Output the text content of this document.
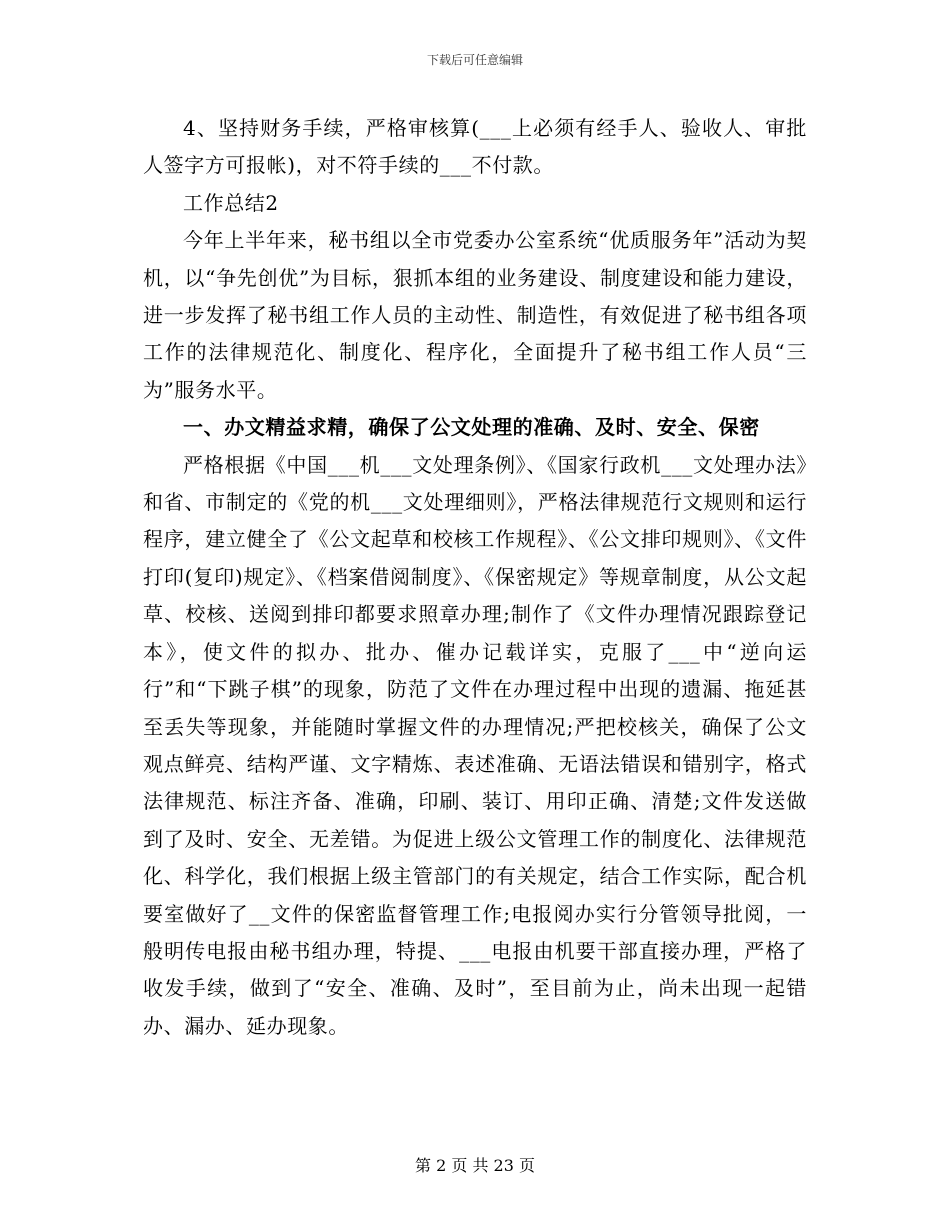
下载后可任意编辑

4、坚持财务手续，严格审核算(___上必须有经手人、验收人、审批人签字方可报帐)，对不符手续的___不付款。

工作总结2

今年上半年来，秘书组以全市党委办公室系统“优质服务年”活动为契机，以“争先创优”为目标，狠抓本组的业务建设、制度建设和能力建设，进一步发挥了秘书组工作人员的主动性、制造性，有效促进了秘书组各项工作的法律规范化、制度化、程序化，全面提升了秘书组工作人员“三为”服务水平。

一、办文精益求精，确保了公文处理的准确、及时、安全、保密

严格根据《中国___机___文处理条例》、《国家行政机___文处理办法》和省、市制定的《党的机___文处理细则》，严格法律规范行文规则和运行程序，建立健全了《公文起草和校核工作规程》、《公文排印规则》、《文件打印(复印)规定》、《档案借阅制度》、《保密规定》等规章制度，从公文起草、校核、送阅到排印都要求照章办理;制作了《文件办理情况跟踪登记本》，使文件的拟办、批办、催办记载详实，克服了___中“逆向运行”和“下跳子棋”的现象，防范了文件在办理过程中出现的遗漏、拖延甚至丢失等现象，并能随时掌握文件的办理情况;严把校核关，确保了公文观点鲜亮、结构严谨、文字精炼、表述准确、无语法错误和错别字，格式法律规范、标注齐备、准确，印刷、装订、用印正确、清楚;文件发送做到了及时、安全、无差错。为促进上级公文管理工作的制度化、法律规范化、科学化，我们根据上级主管部门的有关规定，结合工作实际，配合机要室做好了__文件的保密监督管理工作;电报阅办实行分管领导批阅，一般明传电报由秘书组办理，特提、___电报由机要干部直接办理，严格了收发手续，做到了“安全、准确、及时”，至目前为止，尚未出现一起错办、漏办、延办现象。

第 2 页 共 23 页
